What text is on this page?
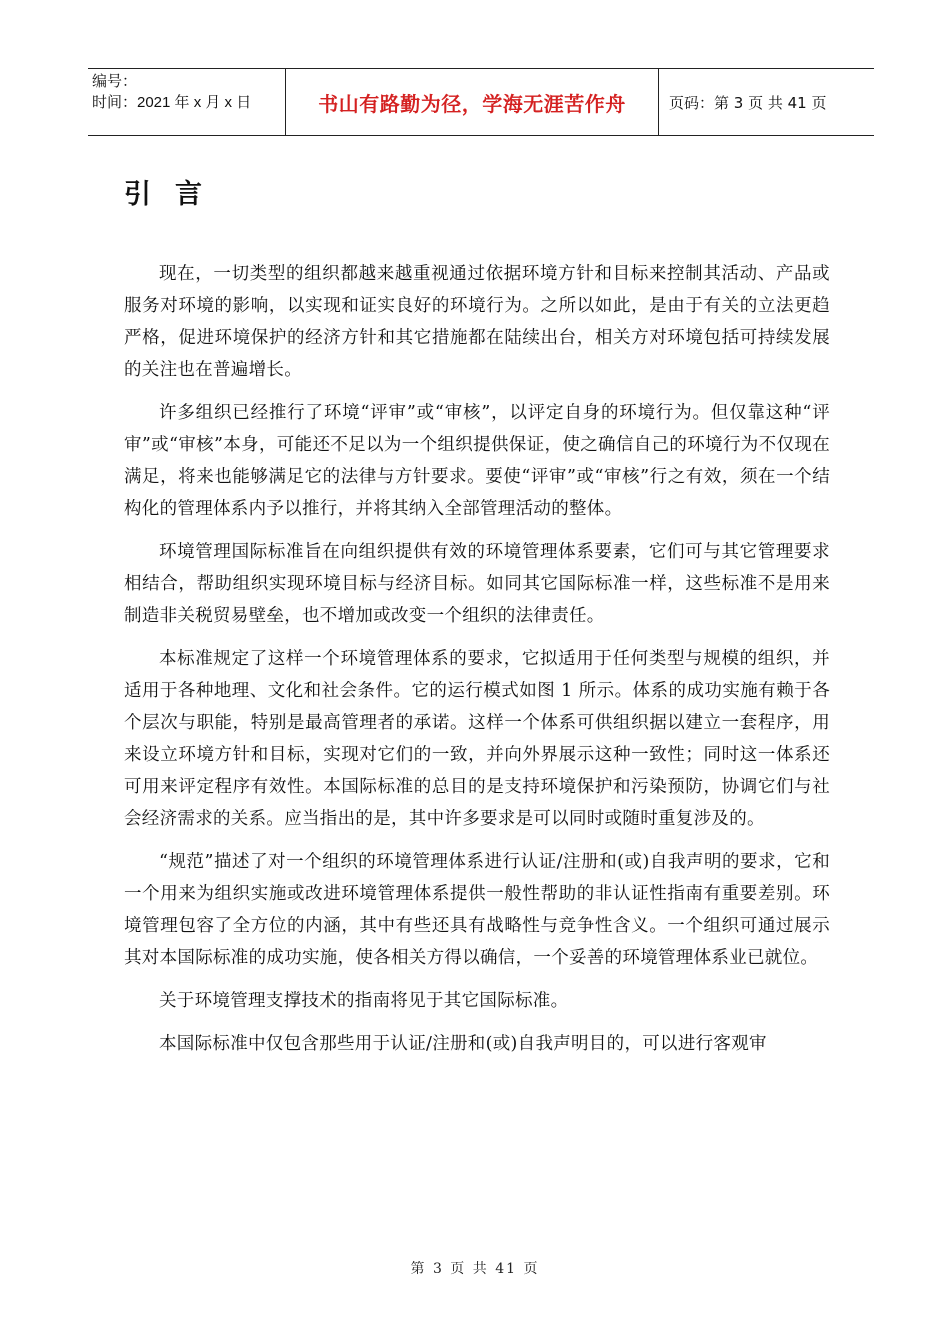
编号：
时间：2021 年 x 月 x 日	书山有路勤为径，学海无涯苦作舟	页码：第 3 页 共 41 页
引言

现在，一切类型的组织都越来越重视通过依据环境方针和目标来控制其活动、产品或服务对环境的影响，以实现和证实良好的环境行为。之所以如此，是由于有关的立法更趋严格，促进环境保护的经济方针和其它措施都在陆续出台，相关方对环境包括可持续发展的关注也在普遍增长。

许多组织已经推行了环境“评审”或“审核”，以评定自身的环境行为。但仅靠这种“评审”或“审核”本身，可能还不足以为一个组织提供保证，使之确信自己的环境行为不仅现在满足，将来也能够满足它的法律与方针要求。要使“评审”或“审核”行之有效，须在一个结构化的管理体系内予以推行，并将其纳入全部管理活动的整体。

环境管理国际标准旨在向组织提供有效的环境管理体系要素，它们可与其它管理要求相结合，帮助组织实现环境目标与经济目标。如同其它国际标准一样，这些标准不是用来制造非关税贸易壁垒，也不增加或改变一个组织的法律责任。

本标准规定了这样一个环境管理体系的要求，它拟适用于任何类型与规模的组织，并适用于各种地理、文化和社会条件。它的运行模式如图 1 所示。体系的成功实施有赖于各个层次与职能，特别是最高管理者的承诺。这样一个体系可供组织据以建立一套程序，用来设立环境方针和目标，实现对它们的一致，并向外界展示这种一致性；同时这一体系还可用来评定程序有效性。本国际标准的总目的是支持环境保护和污染预防，协调它们与社会经济需求的关系。应当指出的是，其中许多要求是可以同时或随时重复涉及的。

“规范”描述了对一个组织的环境管理体系进行认证/注册和(或)自我声明的要求，它和一个用来为组织实施或改进环境管理体系提供一般性帮助的非认证性指南有重要差别。环境管理包容了全方位的内涵，其中有些还具有战略性与竞争性含义。一个组织可通过展示其对本国际标准的成功实施，使各相关方得以确信，一个妥善的环境管理体系业已就位。

关于环境管理支撑技术的指南将见于其它国际标准。

本国际标准中仅包含那些用于认证/注册和(或)自我声明目的，可以进行客观审

第 3 页 共 41 页
